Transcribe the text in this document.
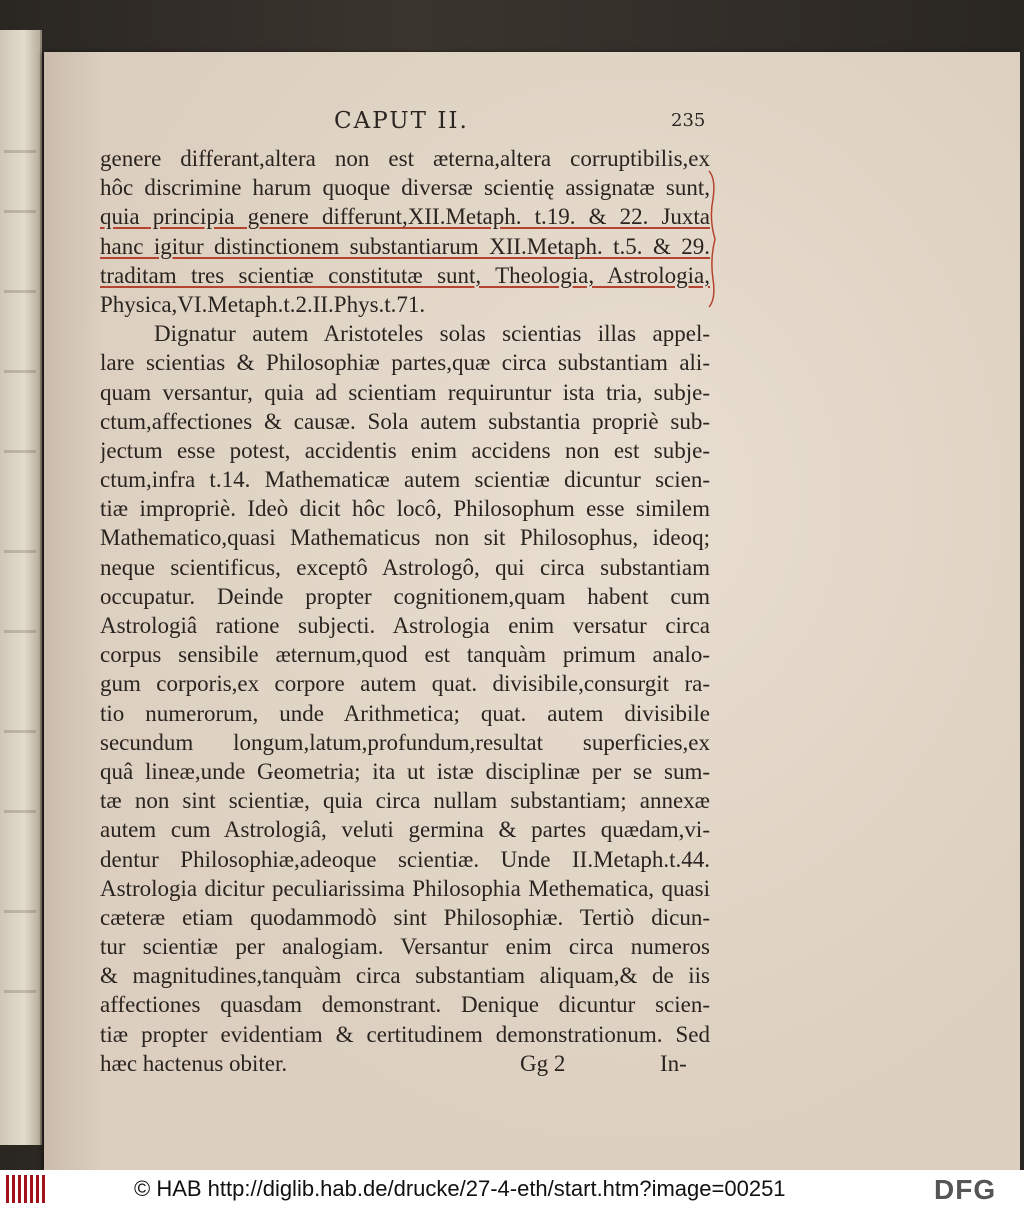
CAPUT II.	235
genere differant,altera non est æterna,altera corruptibilis,ex
hôc discrimine harum quoque diversæ scientię assignatæ sunt,
quia principia genere differunt,XII.Metaph. t.19. & 22. Juxta
hanc igitur distinctionem substantiarum XII.Metaph. t.5. & 29.
traditam tres scientiæ constitutæ sunt, Theologia, Astrologia,
Physica,VI.Metaph.t.2.II.Phys.t.71.
Dignatur autem Aristoteles solas scientias illas appel-
lare scientias & Philosophiæ partes,quæ circa substantiam ali-
quam versantur, quia ad scientiam requiruntur ista tria, subje-
ctum,affectiones & causæ. Sola autem substantia propriè sub-
jectum esse potest, accidentis enim accidens non est subje-
ctum,infra t.14. Mathematicæ autem scientiæ dicuntur scien-
tiæ impropriè. Ideò dicit hôc locô, Philosophum esse similem
Mathematico,quasi Mathematicus non sit Philosophus, ideoq;
neque scientificus, exceptô Astrologô, qui circa substantiam
occupatur. Deinde propter cognitionem,quam habent cum
Astrologiâ ratione subjecti. Astrologia enim versatur circa
corpus sensibile æternum,quod est tanquàm primum analo-
gum corporis,ex corpore autem quat. divisibile,consurgit ra-
tio numerorum, unde Arithmetica; quat. autem divisibile
secundum longum,latum,profundum,resultat superficies,ex
quâ lineæ,unde Geometria; ita ut istæ disciplinæ per se sum-
tæ non sint scientiæ, quia circa nullam substantiam; annexæ
autem cum Astrologiâ, veluti germina & partes quædam,vi-
dentur Philosophiæ,adeoque scientiæ. Unde II.Metaph.t.44.
Astrologia dicitur peculiarissima Philosophia Methematica, quasi
cæteræ etiam quodammodò sint Philosophiæ. Tertiò dicun-
tur scientiæ per analogiam. Versantur enim circa numeros
& magnitudines,tanquàm circa substantiam aliquam,& de iis
affectiones quasdam demonstrant. Denique dicuntur scien-
tiæ propter evidentiam & certitudinem demonstrationum. Sed
hæc hactenus obiter.	Gg 2	In-
© HAB http://diglib.hab.de/drucke/27-4-eth/start.htm?image=00251	DFG
